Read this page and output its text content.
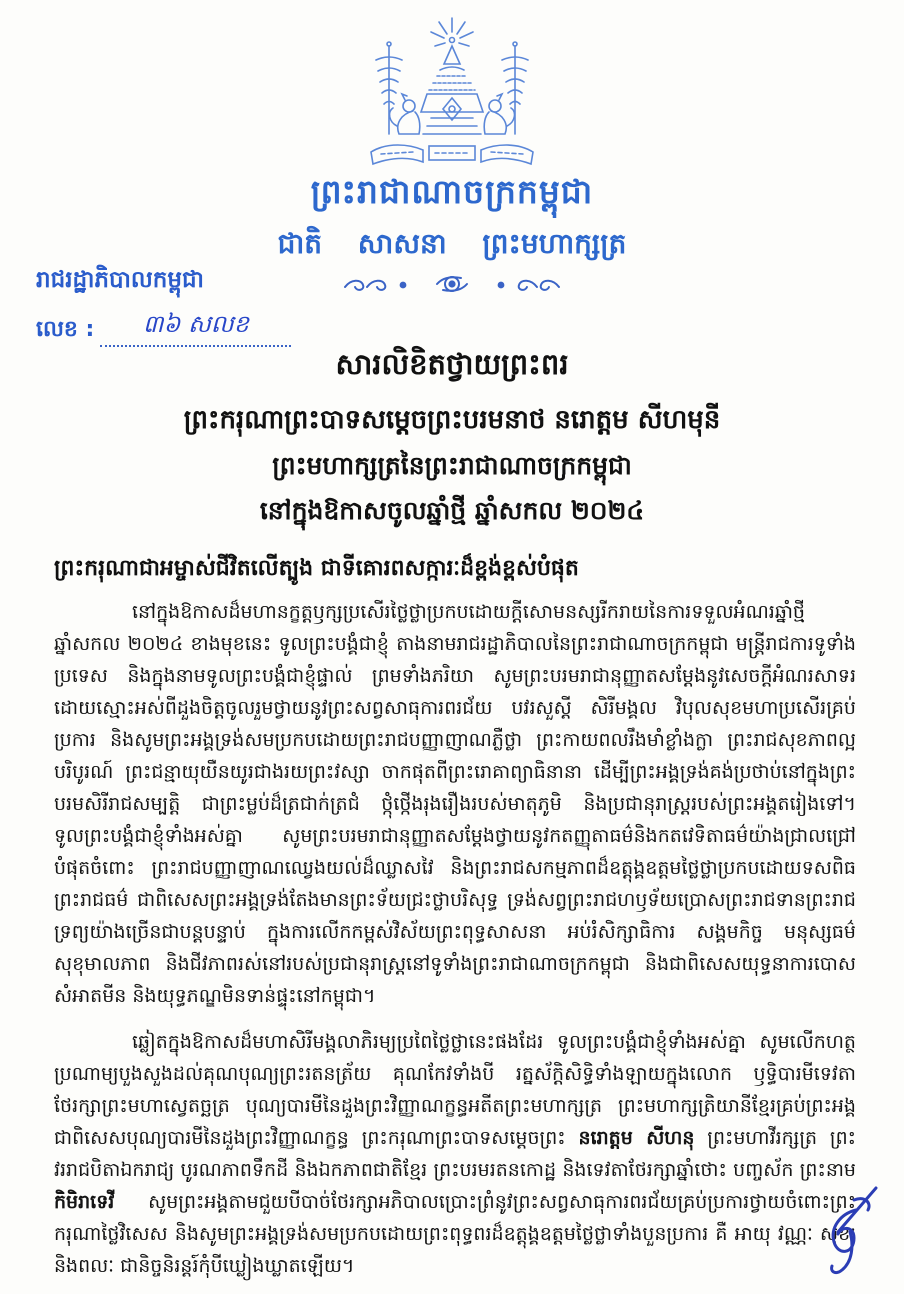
ព្រះរាជាណាចក្រកម្ពុជា
ជាតិ សាសនា ព្រះមហាក្សត្រ
រាជរដ្ឋាភិបាលកម្ពុជា
លេខ :	៣៦ សលខ
សារលិខិតថ្វាយព្រះពរ
ព្រះករុណាព្រះបាទសម្តេចព្រះបរមនាថ នរោត្តម សីហមុនី
ព្រះមហាក្សត្រនៃព្រះរាជាណាចក្រកម្ពុជា
នៅក្នុងឱកាសចូលឆ្នាំថ្មី ឆ្នាំសកល ២០២៤
ព្រះករុណាជាអម្ចាស់ជីវិតលើត្បូង ជាទីគោរពសក្ការៈដ៏ខ្ពង់ខ្ពស់បំផុត

នៅក្នុងឱកាសដ៏មហានក្ខត្តឫក្សប្រសើរថ្លៃថ្លាប្រកបដោយក្តីសោមនស្សរីករាយនៃការទទួលអំណរឆ្នាំថ្មី ឆ្នាំសកល ២០២៤ ខាងមុខនេះ ទូលព្រះបង្គំជាខ្ញុំ តាងនាមរាជរដ្ឋាភិបាលនៃព្រះរាជាណាចក្រកម្ពុជា មន្ត្រីរាជការទូទាំងប្រទេស និងក្នុងនាមទូលព្រះបង្គំជាខ្ញុំផ្ទាល់ ព្រមទាំងភរិយា សូមព្រះបរមរាជានុញ្ញាតសម្តែងនូវសេចក្តីអំណរសាទរដោយស្មោះអស់ពីដួងចិត្តចូលរួមថ្វាយនូវព្រះសព្វសាធុការពរជ័យ បវរសួស្តី សិរីមង្គល វិបុលសុខមហាប្រសើរគ្រប់ប្រការ និងសូមព្រះអង្គទ្រង់សមប្រកបដោយព្រះរាជបញ្ញាញាណភ្លឺថ្លា ព្រះកាយពលរឹងមាំខ្លាំងក្លា ព្រះរាជសុខភាពល្អបរិបូរណ៍ ព្រះជន្មាយុយឺនយូរជាងរយព្រះវស្សា ចាកផុតពីព្រះរោគាព្យាធិនានា ដើម្បីព្រះអង្គទ្រង់គង់ប្រថាប់នៅក្នុងព្រះបរមសិរីរាជសម្បត្តិ ជាព្រះម្លប់ដ៏ត្រជាក់ត្រជំ ថ្កុំថ្កើងរុងរឿងរបស់មាតុភូមិ និងប្រជានុរាស្ត្ររបស់ព្រះអង្គតរៀងទៅ។ ទូលព្រះបង្គំជាខ្ញុំទាំងអស់គ្នា សូមព្រះបរមរាជានុញ្ញាតសម្តែងថ្វាយនូវកតញ្ញុតាធម៌និងកតវេទិតាធម៌យ៉ាងជ្រាលជ្រៅបំផុតចំពោះ ព្រះរាជបញ្ញាញាណឈ្វេងយល់ដ៏ឈ្លាសវៃ និងព្រះរាជសកម្មភាពដ៏ឧត្តុង្គឧត្តមថ្លៃថ្លាប្រកបដោយទសពិធព្រះរាជធម៌ ជាពិសេសព្រះអង្គទ្រង់តែងមានព្រះទ័យជ្រះថ្លាបរិសុទ្ធ ទ្រង់សព្វព្រះរាជហឫទ័យប្រោសព្រះរាជទានព្រះរាជទ្រព្យយ៉ាងច្រើនជាបន្តបន្ទាប់ ក្នុងការលើកកម្ពស់វិស័យព្រះពុទ្ធសាសនា អប់រំសិក្សាធិការ សង្គមកិច្ច មនុស្សធម៌ សុខុមាលភាព និងជីវភាពរស់នៅរបស់ប្រជានុរាស្ត្រនៅទូទាំងព្រះរាជាណាចក្រកម្ពុជា និងជាពិសេសយុទ្ធនាការបោសសំអាតមីន និងយុទ្ធភណ្ឌមិនទាន់ផ្ទុះនៅកម្ពុជា។

ឆ្លៀតក្នុងឱកាសដ៏មហាសិរីមង្គលាភិរម្យប្រពៃថ្លៃថ្លានេះផងដែរ ទូលព្រះបង្គំជាខ្ញុំទាំងអស់គ្នា សូមលើកហត្ថប្រណាម្យបួងសួងដល់គុណបុណ្យព្រះរតនត្រ័យ គុណកែវទាំងបី រត្នស័ក្តិសិទ្ធិទាំងឡាយក្នុងលោក ឫទ្ធិបារមីទេវតាថែរក្សាព្រះមហាស្វេតច្ឆត្រ បុណ្យបារមីនៃដួងព្រះវិញ្ញាណក្ខន្ធអតីតព្រះមហាក្សត្រ ព្រះមហាក្សត្រិយានីខ្មែរគ្រប់ព្រះអង្គ ជាពិសេសបុណ្យបារមីនៃដួងព្រះវិញ្ញាណក្ខន្ធ ព្រះករុណាព្រះបាទសម្តេចព្រះ នរោត្តម សីហនុ ព្រះមហាវីរក្សត្រ ព្រះវររាជបិតាឯករាជ្យ បូរណភាពទឹកដី និងឯកភាពជាតិខ្មែរ ព្រះបរមរតនកោដ្ឋ និងទេវតាថែរក្សាឆ្នាំថោះ បញ្ចស័ក ព្រះនាម កិមិរាទេវី សូមព្រះអង្គតាមជួយបីបាច់ថែរក្សាអភិបាលប្រោះព្រំនូវព្រះសព្វសាធុការពរជ័យគ្រប់ប្រការថ្វាយចំពោះព្រះករុណាថ្លៃវិសេស និងសូមព្រះអង្គទ្រង់សមប្រកបដោយព្រះពុទ្ធពរដ៏ឧត្តុង្គឧត្តមថ្លៃថ្លាទាំងបួនប្រការ គឺ អាយុ វណ្ណៈ សុខៈ និងពលៈ ជានិច្ចនិរន្តរ៍កុំបីឃ្លៀងឃ្លាតឡើយ។
